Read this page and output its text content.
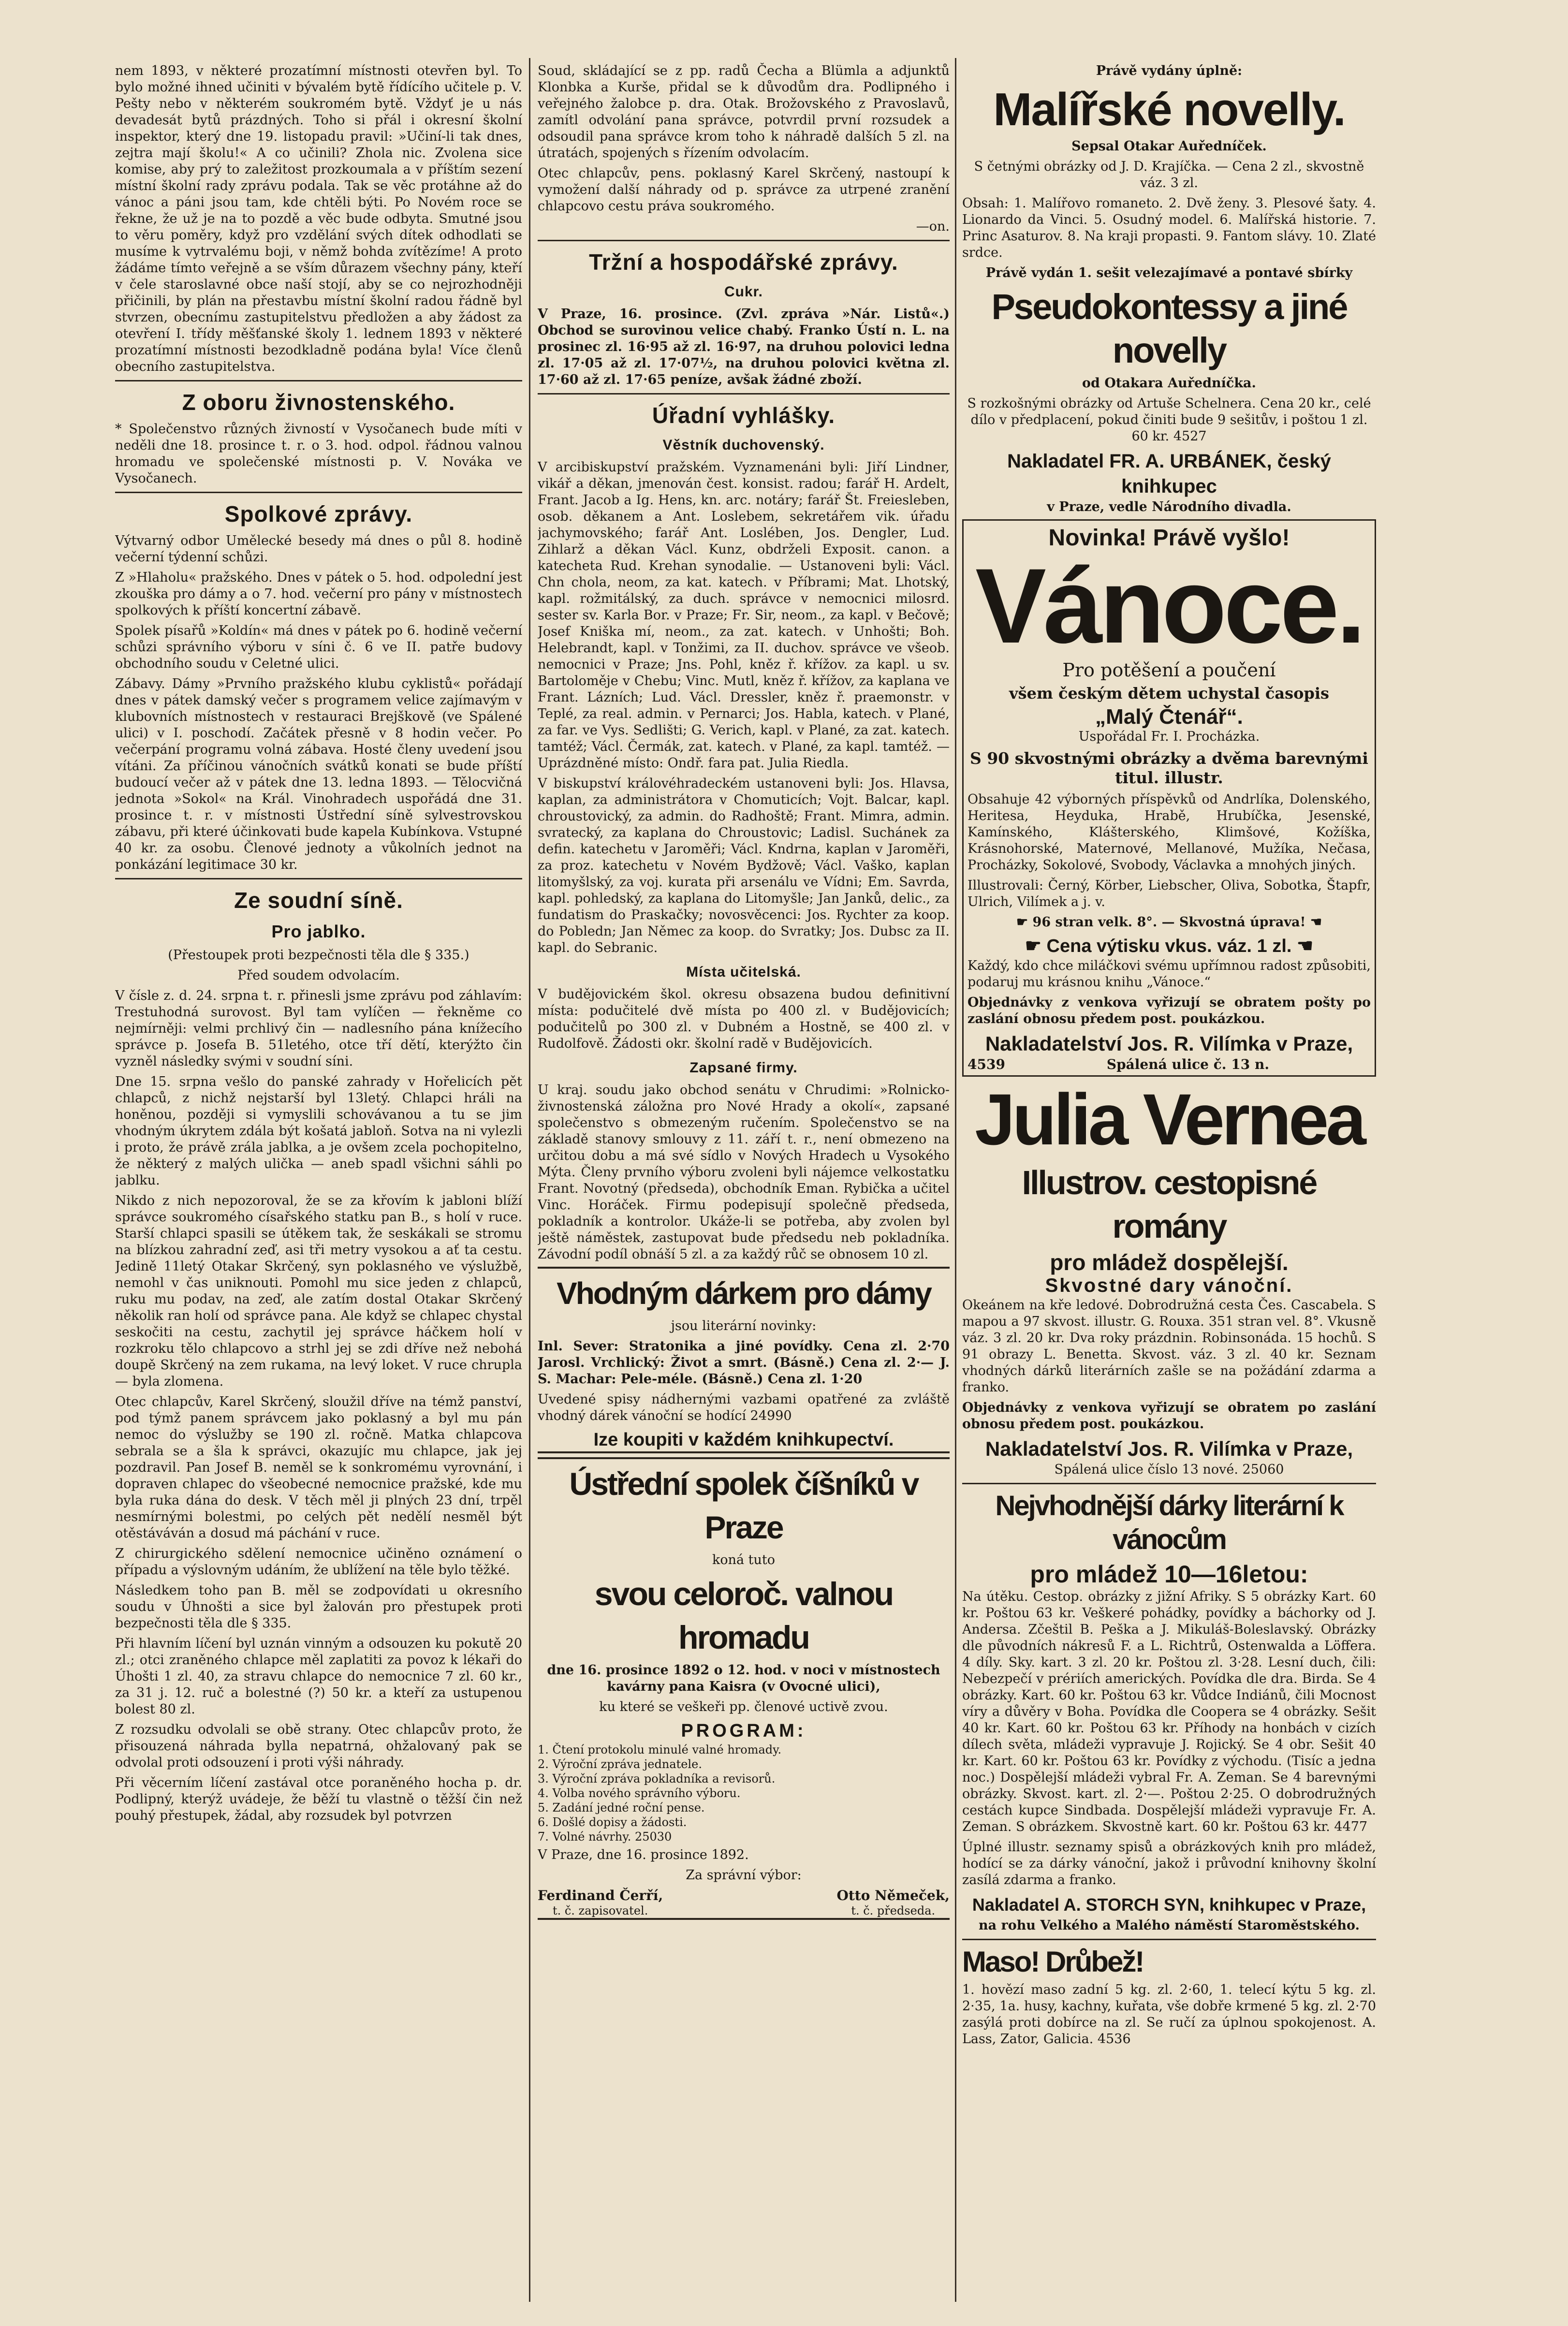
nem 1893, v některé prozatímní místnosti otevřen byl. To bylo možné ihned učiniti v bývalém bytě řídícího učitele p. V. Pešty nebo v některém soukromém bytě. Vždyť je u nás devadesát bytů prázdných. Toho si přál i okresní školní inspektor, který dne 19. listopadu pravil: »Učiní-li tak dnes, zejtra mají školu!« A co učinili? Zhola nic. Zvolena sice komise, aby prý to zaležitost prozkoumala a v příštím sezení místní školní rady zprávu podala. Tak se věc protáhne až do vánoc a páni jsou tam, kde chtěli býti. Po Novém roce se řekne, že už je na to pozdě a věc bude odbyta. Smutné jsou to věru poměry, když pro vzdělání svých dítek odhodlati se musíme k vytrvalému boji, v němž bohda zvítězíme! A proto žádáme tímto veřejně a se vším důrazem všechny pány, kteří v čele staroslavné obce naší stojí, aby se co nejrozhodněji přičinili, by plán na přestavbu místní školní radou řádně byl stvrzen, obecnímu zastupitelstvu předložen a aby žádost za otevření I. třídy měšťanské školy 1. lednem 1893 v některé prozatímní místnosti bezodkladně podána byla! Více členů obecního zastupitelstva.

Z oboru živnostenského.

* Společenstvo různých živností v Vysočanech bude míti v neděli dne 18. prosince t. r. o 3. hod. odpol. řádnou valnou hromadu ve společenské místnosti p. V. Nováka ve Vysočanech.

Spolkové zprávy.

Výtvarný odbor Umělecké besedy má dnes o půl 8. hodině večerní týdenní schůzi.

Z »Hlaholu« pražského. Dnes v pátek o 5. hod. odpolední jest zkouška pro dámy a o 7. hod. večerní pro pány v místnostech spolkových k příští koncertní zábavě.

Spolek písařů »Koldín« má dnes v pátek po 6. hodině večerní schůzi správního výboru v síni č. 6 ve II. patře budovy obchodního soudu v Celetné ulici.

Zábavy. Dámy »Prvního pražského klubu cyklistů« pořádají dnes v pátek damský večer s programem velice zajímavým v klubovních místnostech v restauraci Brejškově (ve Spálené ulici) v I. poschodí. Začátek přesně v 8 hodin večer. Po večerpání programu volná zábava. Hosté členy uvedení jsou vítáni. Za příčinou vánočních svátků konati se bude příští budoucí večer až v pátek dne 13. ledna 1893. — Tělocvičná jednota »Sokol« na Král. Vinohradech uspořádá dne 31. prosince t. r. v místnosti Ústřední síně sylvestrovskou zábavu, při které účinkovati bude kapela Kubínkova. Vstupné 40 kr. za osobu. Členové jednoty a vůkolních jednot na ponkázání legitimace 30 kr.

Ze soudní síně.
Pro jablko.

(Přestoupek proti bezpečnosti těla dle § 335.)

Před soudem odvolacím.

V čísle z. d. 24. srpna t. r. přinesli jsme zprávu pod záhlavím: Trestuhodná surovost. Byl tam vylíčen — řekněme co nejmírněji: velmi prchlivý čin — nadlesního pána knížecího správce p. Josefa B. 51letého, otce tří dětí, kterýžto čin vyzněl následky svými v soudní síni.

Dne 15. srpna vešlo do panské zahrady v Hořelicích pět chlapců, z nichž nejstarší byl 13letý. Chlapci hráli na honěnou, později si vymyslili schovávanou a tu se jim vhodným úkrytem zdála být košatá jabloň. Sotva na ni vylezli i proto, že právě zrála jablka, a je ovšem zcela pochopitelno, že některý z malých ulička — aneb spadl všichni sáhli po jablku.

Nikdo z nich nepozoroval, že se za křovím k jabloni blíží správce soukromého císařského statku pan B., s holí v ruce. Starší chlapci spasili se útěkem tak, že seskákali se stromu na blízkou zahradní zeď, asi tři metry vysokou a ať ta cestu. Jedině 11letý Otakar Skrčený, syn poklasného ve výslužbě, nemohl v čas uniknouti. Pomohl mu sice jeden z chlapců, ruku mu podav, na zeď, ale zatím dostal Otakar Skrčený několik ran holí od správce pana. Ale když se chlapec chystal seskočiti na cestu, zachytil jej správce háčkem holí v rozkroku tělo chlapcovo a strhl jej se zdi dříve než nebohá doupě Skrčený na zem rukama, na levý loket. V ruce chrupla — byla zlomena.

Otec chlapcův, Karel Skrčený, sloužil dříve na témž panství, pod týmž panem správcem jako poklasný a byl mu pán nemoc do výslužby se 190 zl. ročně. Matka chlapcova sebrala se a šla k správci, okazujíc mu chlapce, jak jej pozdravil. Pan Josef B. neměl se k sonkromému vyrovnání, i dopraven chlapec do všeobecné nemocnice pražské, kde mu byla ruka dána do desk. V těch měl ji plných 23 dní, trpěl nesmírnými bolestmi, po celých pět nedělí nesměl být otěstáváván a dosud má páchání v ruce.

Z chirurgického sdělení nemocnice učiněno oznámení o případu a výslovným udáním, že ublížení na těle bylo těžké.

Následkem toho pan B. měl se zodpovídati u okresního soudu v Úhnošti a sice byl žalován pro přestupek proti bezpečnosti těla dle § 335.

Při hlavním líčení byl uznán vinným a odsouzen ku pokutě 20 zl.; otci zraněného chlapce měl zaplatiti za povoz k lékaři do Úhošti 1 zl. 40, za stravu chlapce do nemocnice 7 zl. 60 kr., za 31 j. 12. ruč a bolestné (?) 50 kr. a kteří za ustupenou bolest 80 zl.

Z rozsudku odvolali se obě strany. Otec chlapcův proto, že přisouzená náhrada bylla nepatrná, ohžalovaný pak se odvolal proti odsouzení i proti výši náhrady.

Při věcerním líčení zastával otce poraněného hocha p. dr. Podlipný, kterýž uvádeje, že běží tu vlastně o těžší čin než pouhý přestupek, žádal, aby rozsudek byl potvrzen

Soud, skládající se z pp. radů Čecha a Blümla a adjunktů Klonbka a Kurše, přidal se k důvodům dra. Podlipného i veřejného žalobce p. dra. Otak. Brožovského z Pravoslavů, zamítl odvolání pana správce, potvrdil první rozsudek a odsoudil pana správce krom toho k náhradě dalších 5 zl. na útratách, spojených s řízením odvolacím.

Otec chlapcův, pens. poklasný Karel Skrčený, nastoupí k vymožení další náhrady od p. správce za utrpené zranění chlapcovo cestu práva soukromého.

—on.

Tržní a hospodářské zprávy.
Cukr.

V Praze, 16. prosince. (Zvl. zpráva »Nár. Listů«.) Obchod se surovinou velice chabý. Franko Ústí n. L. na prosinec zl. 16·95 až zl. 16·97, na druhou polovici ledna zl. 17·05 až zl. 17·07½, na druhou polovici května zl. 17·60 až zl. 17·65 peníze, avšak žádné zboží.

Úřadní vyhlášky.
Věstník duchovenský.

V arcibiskupství pražském. Vyznamenáni byli: Jiří Lindner, vikář a děkan, jmenován čest. konsist. radou; farář H. Ardelt, Frant. Jacob a Ig. Hens, kn. arc. notáry; farář Št. Freiesleben, osob. děkanem a Ant. Loslebem, sekretářem vik. úřadu jachymovského; farář Ant. Loslében, Jos. Dengler, Lud. Zihlarž a děkan Václ. Kunz, obdrželi Exposit. canon. a katecheta Rud. Krehan synodalie. — Ustanoveni byli: Václ. Chn chola, neom, za kat. katech. v Příbrami; Mat. Lhotský, kapl. rožmitálský, za duch. správce v nemocnici milosrd. sester sv. Karla Bor. v Praze; Fr. Sir, neom., za kapl. v Bečově; Josef Kniška mí, neom., za zat. katech. v Unhošti; Boh. Helebrandt, kapl. v Tonžimi, za II. duchov. správce ve všeob. nemocnici v Praze; Jns. Pohl, kněz ř. křížov. za kapl. u sv. Bartoloměje v Chebu; Vinc. Mutl, kněz ř. křížov, za kaplana ve Frant. Lázních; Lud. Václ. Dressler, kněz ř. praemonstr. v Teplé, za real. admin. v Pernarci; Jos. Habla, katech. v Plané, za far. ve Vys. Sedlišti; G. Verich, kapl. v Plané, za zat. katech. tamtéž; Václ. Čermák, zat. katech. v Plané, za kapl. tamtéž. — Uprázdněné místo: Ondř. fara pat. Julia Riedla.

V biskupství královéhradeckém ustanoveni byli: Jos. Hlavsa, kaplan, za administrátora v Chomuticích; Vojt. Balcar, kapl. chroustovický, za admin. do Radhoště; Frant. Mimra, admin. svratecký, za kaplana do Chroustovic; Ladisl. Suchánek za defin. katechetu v Jaroměři; Václ. Kndrna, kaplan v Jaroměři, za proz. katechetu v Novém Bydžově; Václ. Vaško, kaplan litomyšlský, za voj. kurata při arsenálu ve Vídni; Em. Savrda, kapl. pohledský, za kaplana do Litomyšle; Jan Janků, delic., za fundatism do Praskačky; novosvěcenci: Jos. Rychter za koop. do Pobledn; Jan Němec za koop. do Svratky; Jos. Dubsc za II. kapl. do Sebranic.

Místa učitelská.

V budějovickém škol. okresu obsazena budou definitivní místa: podučitelé dvě místa po 400 zl. v Budějovicích; podučitelů po 300 zl. v Dubném a Hostně, se 400 zl. v Rudolfově. Žádosti okr. školní radě v Budějovicích.

Zapsané firmy.

U kraj. soudu jako obchod senátu v Chrudimi: »Rolnicko-živnostenská záložna pro Nové Hrady a okolí«, zapsané společenstvo s obmezeným ručením. Společenstvo se na základě stanovy smlouvy z 11. září t. r., není obmezeno na určitou dobu a má své sídlo v Nových Hradech u Vysokého Mýta. Členy prvního výboru zvoleni byli nájemce velkostatku Frant. Novotný (předseda), obchodník Eman. Rybička a učitel Vinc. Horáček. Firmu podepisují společně předseda, pokladník a kontrolor. Ukáže-li se potřeba, aby zvolen byl ještě náměstek, zastupovat bude předsedu neb pokladníka. Závodní podíl obnáší 5 zl. a za každý růč se obnosem 10 zl.

Vhodným dárkem pro dámy

jsou literární novinky:

Inl. Sever: Stratonika a jiné povídky. Cena zl. 2·70 Jarosl. Vrchlický: Život a smrt. (Básně.) Cena zl. 2·— J. S. Machar: Pele-méle. (Básně.) Cena zl. 1·20

Uvedené spisy nádhernými vazbami opatřené za zvláště vhodný dárek vánoční se hodící 24990

Ize koupiti v každém knihkupectví.
Ústřední spolek číšníků v Praze

koná tuto

svou celoroč. valnou hromadu

dne 16. prosince 1892 o 12. hod. v noci v místnostech kavárny pana Kaisra (v Ovocné ulici),

ku které se veškeři pp. členové uctivě zvou.

PROGRAM:

1. Čtení protokolu minulé valné hromady.

2. Výroční zpráva jednatele.

3. Výroční zpráva pokladníka a revisorů.

4. Volba nového správního výboru.

5. Zadání jedné roční pense.

6. Došlé dopisy a žádosti.

7. Volné návrhy. 25030

V Praze, dne 16. prosince 1892.

Za správní výbor:

Ferdinand Čerří,
t. č. zapisovatel.
Otto Němeček,
t. č. předseda.

Právě vydány úplně:

Malířské novelly.

Sepsal Otakar Auředníček.

S četnými obrázky od J. D. Krajíčka. — Cena 2 zl., skvostně váz. 3 zl.

Obsah: 1. Malířovo romaneto. 2. Dvě ženy. 3. Plesové šaty. 4. Lionardo da Vinci. 5. Osudný model. 6. Malířská historie. 7. Princ Asaturov. 8. Na kraji propasti. 9. Fantom slávy. 10. Zlaté srdce.

Právě vydán 1. sešit velezajímavé a pontavé sbírky

Pseudokontessy a jiné novelly

od Otakara Auředníčka.

S rozkošnými obrázky od Artuše Schelnera. Cena 20 kr., celé dílo v předplacení, pokud činiti bude 9 sešitův, i poštou 1 zl. 60 kr. 4527

Nakladatel FR. A. URBÁNEK, český knihkupec

v Praze, vedle Národního divadla.

Novinka! Právě vyšlo!
Vánoce.

Pro potěšení a poučení

všem českým dětem uchystal časopis

„Malý Čtenář“.

Uspořádal Fr. I. Procházka.

S 90 skvostnými obrázky a dvěma barevnými titul. illustr.

Obsahuje 42 výborných příspěvků od Andrlíka, Dolenského, Heritesa, Heyduka, Hrabě, Hrubíčka, Jesenské, Kamínského, Klášterského, Klimšové, Kožíška, Krásnohorské, Maternové, Mellanové, Mužíka, Nečasa, Procházky, Sokolové, Svobody, Václavka a mnohých jiných.

Illustrovali: Černý, Körber, Liebscher, Oliva, Sobotka, Štapfr, Ulrich, Vilímek a j. v.

☛ 96 stran velk. 8°. — Skvostná úprava! ☚

☛ Cena výtisku vkus. váz. 1 zl. ☚

Každý, kdo chce miláčkovi svému upřímnou radost způsobiti, podaruj mu krásnou knihu „Vánoce.“

Objednávky z venkova vyřizují se obratem pošty po zaslání obnosu předem post. poukázkou.

Nakladatelství Jos. R. Vilímka v Praze,
4539	Spálená ulice č. 13 n.
Julia Vernea
Illustrov. cestopisné romány
pro mládež dospělejší.
Skvostné dary vánoční.

Okeánem na kře ledové. Dobrodružná cesta Čes. Cascabela. S mapou a 97 skvost. illustr. G. Rouxa. 351 stran vel. 8°. Vkusně váz. 3 zl. 20 kr. Dva roky prázdnin. Robinsonáda. 15 hochů. S 91 obrazy L. Benetta. Skvost. váz. 3 zl. 40 kr. Seznam vhodných dárků literárních zašle se na požádání zdarma a franko.

Objednávky z venkova vyřizují se obratem po zaslání obnosu předem post. poukázkou.

Nakladatelství Jos. R. Vilímka v Praze,

Spálená ulice číslo 13 nové. 25060

Nejvhodnější dárky literární k vánocům
pro mládež 10—16letou:

Na útěku. Cestop. obrázky z jižní Afriky. S 5 obrázky Kart. 60 kr. Poštou 63 kr. Veškeré pohádky, povídky a báchorky od J. Andersa. Zčeštil B. Peška a J. Mikuláš-Boleslavský. Obrázky dle původních nákresů F. a L. Richtrů, Ostenwalda a Löffera. 4 díly. Sky. kart. 3 zl. 20 kr. Poštou zl. 3·28. Lesní duch, čili: Nebezpečí v prériích amerických. Povídka dle dra. Birda. Se 4 obrázky. Kart. 60 kr. Poštou 63 kr. Vůdce Indiánů, čili Mocnost víry a důvěry v Boha. Povídka dle Coopera se 4 obrázky. Sešit 40 kr. Kart. 60 kr. Poštou 63 kr. Příhody na honbách v cizích dílech světa, mládeži vypravuje J. Rojický. Se 4 obr. Sešit 40 kr. Kart. 60 kr. Poštou 63 kr. Povídky z východu. (Tisíc a jedna noc.) Dospělejší mládeži vybral Fr. A. Zeman. Se 4 barevnými obrázky. Skvost. kart. zl. 2·—. Poštou 2·25. O dobrodružných cestách kupce Sindbada. Dospělejší mládeži vypravuje Fr. A. Zeman. S obrázkem. Skvostně kart. 60 kr. Poštou 63 kr. 4477

Úplné illustr. seznamy spisů a obrázkových knih pro mládež, hodící se za dárky vánoční, jakož i průvodní knihovny školní zasílá zdarma a franko.

Nakladatel A. STORCH SYN, knihkupec v Praze,

na rohu Velkého a Malého náměstí Staroměstského.

Maso! Drůbež!

1. hovězí maso zadní 5 kg. zl. 2·60, 1. telecí kýtu 5 kg. zl. 2·35, 1a. husy, kachny, kuřata, vše dobře krmené 5 kg. zl. 2·70 zasýlá proti dobírce na zl. Se ručí za úplnou spokojenost. A. Lass, Zator, Galicia. 4536
